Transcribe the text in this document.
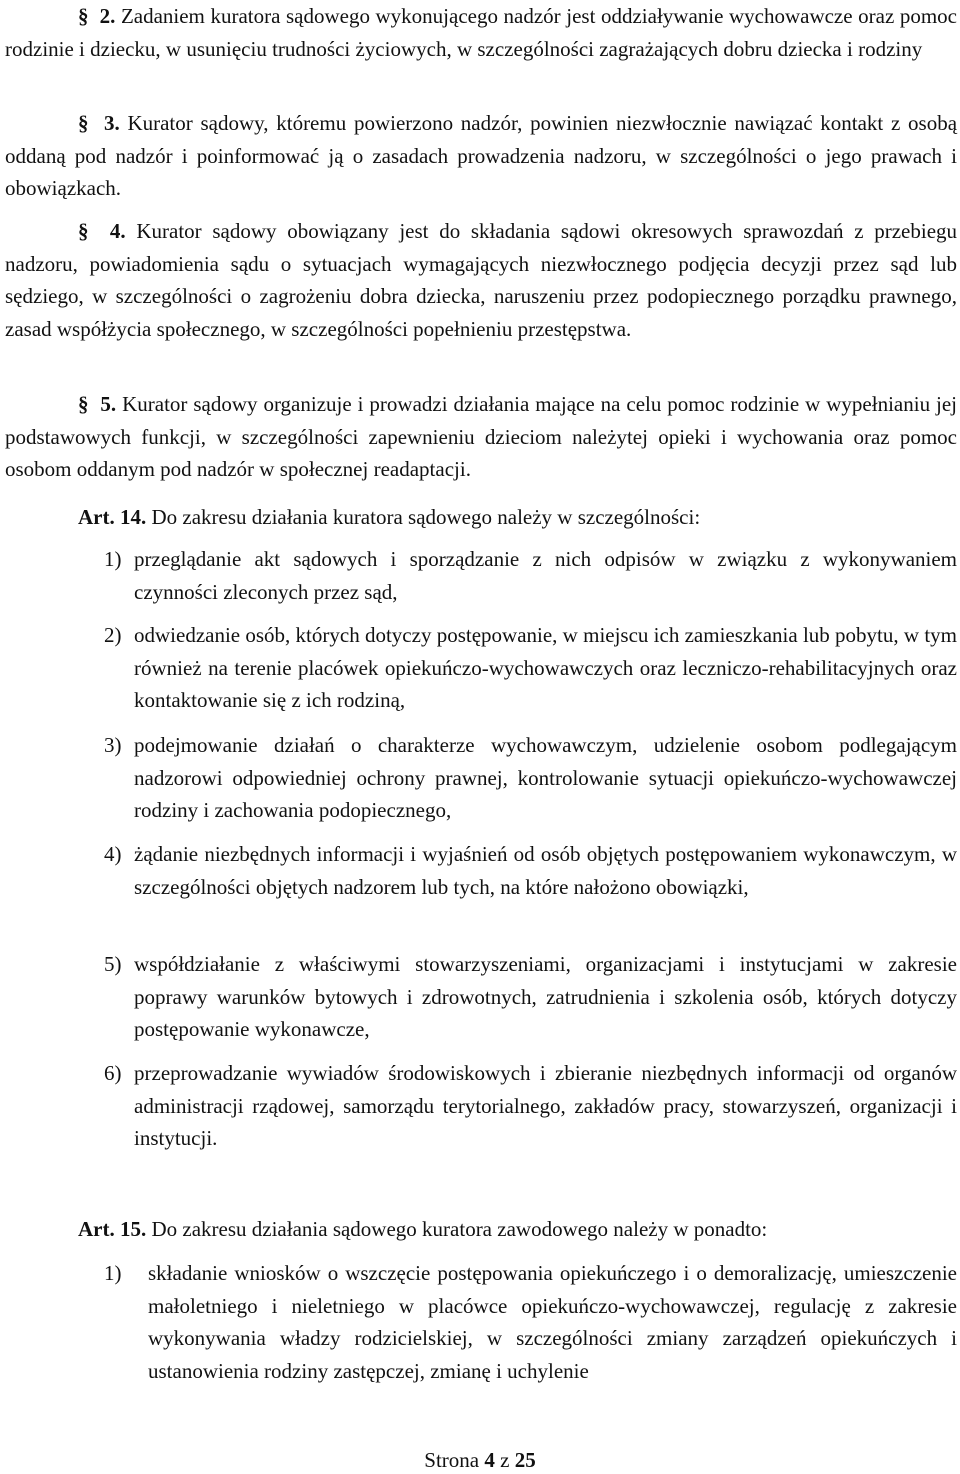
§ 2. Zadaniem kuratora sądowego wykonującego nadzór jest oddziaływanie wychowawcze oraz pomoc rodzinie i dziecku, w usunięciu trudności życiowych, w szczególności zagrażających dobru dziecka i rodziny

§ 3. Kurator sądowy, któremu powierzono nadzór, powinien niezwłocznie nawiązać kontakt z osobą oddaną pod nadzór i poinformować ją o zasadach prowadzenia nadzoru, w szczególności o jego prawach i obowiązkach.

§ 4. Kurator sądowy obowiązany jest do składania sądowi okresowych sprawozdań z przebiegu nadzoru, powiadomienia sądu o sytuacjach wymagających niezwłocznego podjęcia decyzji przez sąd lub sędziego, w szczególności o zagrożeniu dobra dziecka, naruszeniu przez podopiecznego porządku prawnego, zasad współżycia społecznego, w szczególności popełnieniu przestępstwa.

§ 5. Kurator sądowy organizuje i prowadzi działania mające na celu pomoc rodzinie w wypełnianiu jej podstawowych funkcji, w szczególności zapewnieniu dzieciom należytej opieki i wychowania oraz pomoc osobom oddanym pod nadzór w społecznej readaptacji.

Art. 14. Do zakresu działania kuratora sądowego należy w szczególności:

1) przeglądanie akt sądowych i sporządzanie z nich odpisów w związku z wykonywaniem czynności zleconych przez sąd,
2) odwiedzanie osób, których dotyczy postępowanie, w miejscu ich zamieszkania lub pobytu, w tym również na terenie placówek opiekuńczo-wychowawczych oraz leczniczo-rehabilitacyjnych oraz kontaktowanie się z ich rodziną,
3) podejmowanie działań o charakterze wychowawczym, udzielenie osobom podlegającym nadzorowi odpowiedniej ochrony prawnej, kontrolowanie sytuacji opiekuńczo-wychowawczej rodziny i zachowania podopiecznego,
4) żądanie niezbędnych informacji i wyjaśnień od osób objętych postępowaniem wykonawczym, w szczególności objętych nadzorem lub tych, na które nałożono obowiązki,
5) współdziałanie z właściwymi stowarzyszeniami, organizacjami i instytucjami w zakresie poprawy warunków bytowych i zdrowotnych, zatrudnienia i szkolenia osób, których dotyczy postępowanie wykonawcze,
6) przeprowadzanie wywiadów środowiskowych i zbieranie niezbędnych informacji od organów administracji rządowej, samorządu terytorialnego, zakładów pracy, stowarzyszeń, organizacji i instytucji.

Art. 15. Do zakresu działania sądowego kuratora zawodowego należy w ponadto:

1)	składanie wniosków o wszczęcie postępowania opiekuńczego i o demoralizację, umieszczenie małoletniego i nieletniego w placówce opiekuńczo-wychowawczej, regulację z zakresie wykonywania władzy rodzicielskiej, w szczególności zmiany zarządzeń opiekuńczych i ustanowienia rodziny zastępczej, zmianę i uchylenie
Strona 4 z 25
